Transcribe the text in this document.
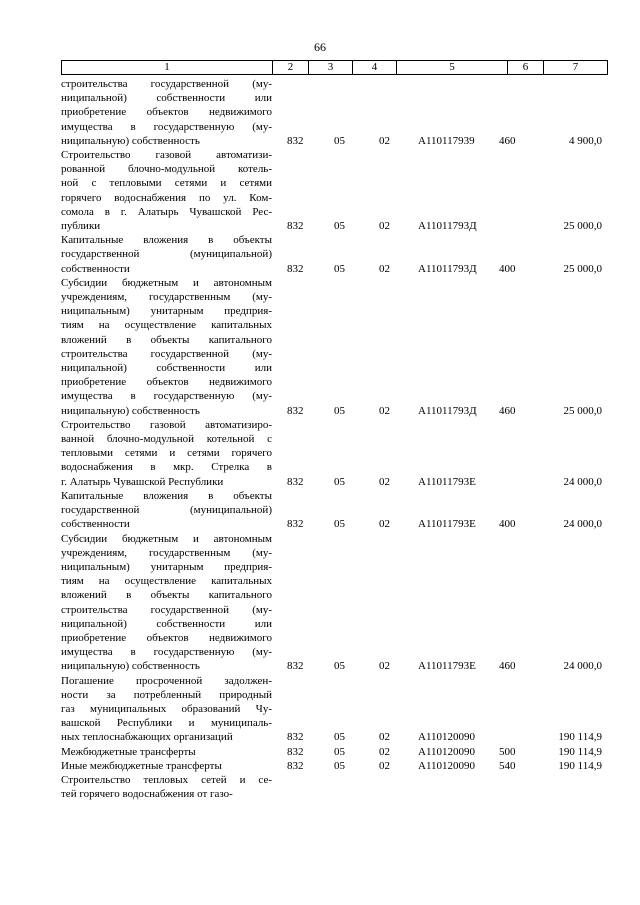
66
1	2	3	4	5	6	7
строительства государственной (му-
ниципальной) собственности или
приобретение объектов недвижимого
имущества в государственную (му-
ниципальную) собственность	832	05	02	А110117939 460	4 900,0
Строительство газовой автоматизи-
рованной блочно-модульной котель-
ной с тепловыми сетями и сетями
горячего водоснабжения по ул. Ком-
сомола в г. Алатырь Чувашской Рес-
публики	832	05	02	А11011793Д	25 000,0
Капитальные вложения в объекты
государственной (муниципальной)
собственности	832	05	02	А11011793Д 400	25 000,0
Субсидии бюджетным и автономным
учреждениям, государственным (му-
ниципальным) унитарным предприя-
тиям на осуществление капитальных
вложений в объекты капитального
строительства государственной (му-
ниципальной) собственности или
приобретение объектов недвижимого
имущества в государственную (му-
ниципальную) собственность	832	05	02	А11011793Д 460	25 000,0
Строительство газовой автоматизиро-
ванной блочно-модульной котельной с
тепловыми сетями и сетями горячего
водоснабжения в мкр. Стрелка в
г. Алатырь Чувашской Республики	832	05	02	А11011793Е	24 000,0
Капитальные вложения в объекты
государственной (муниципальной)
собственности	832	05	02	А11011793Е 400	24 000,0
Субсидии бюджетным и автономным
учреждениям, государственным (му-
ниципальным) унитарным предприя-
тиям на осуществление капитальных
вложений в объекты капитального
строительства государственной (му-
ниципальной) собственности или
приобретение объектов недвижимого
имущества в государственную (му-
ниципальную) собственность	832	05	02	А11011793Е 460	24 000,0
Погашение просроченной задолжен-
ности за потребленный природный
газ муниципальных образований Чу-
вашской Республики и муниципаль-
ных теплоснабжающих организаций	832	05	02	А110120090	190 114,9
Межбюджетные трансферты	832	05	02	А110120090 500	190 114,9
Иные межбюджетные трансферты	832	05	02	А110120090 540	190 114,9
Строительство тепловых сетей и се-
тей горячего водоснабжения от газо-
